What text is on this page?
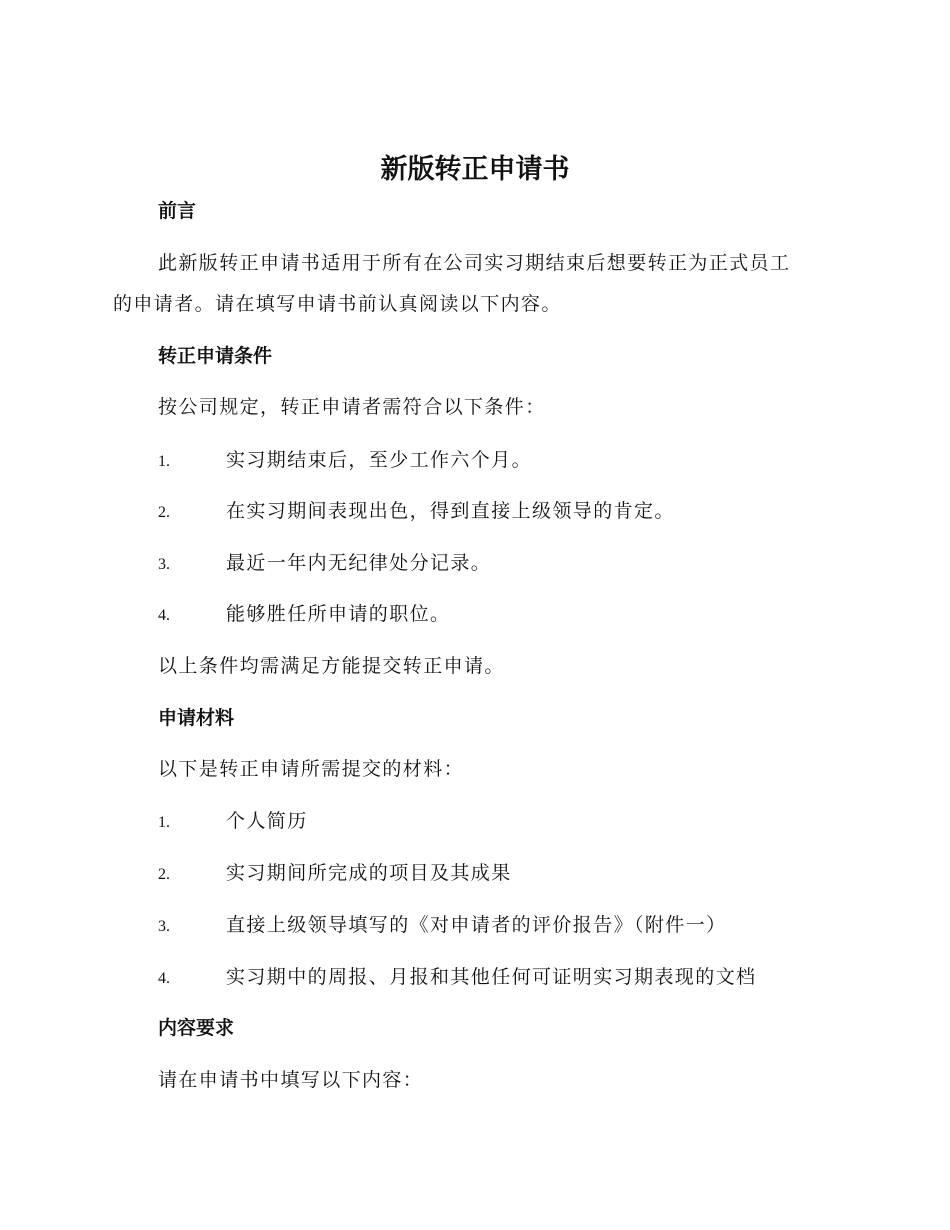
新版转正申请书
前言

此新版转正申请书适用于所有在公司实习期结束后想要转正为正式员工

的申请者。请在填写申请书前认真阅读以下内容。

转正申请条件

按公司规定，转正申请者需符合以下条件：

1.	实习期结束后，至少工作六个月。
2.	在实习期间表现出色，得到直接上级领导的肯定。
3.	最近一年内无纪律处分记录。
4.	能够胜任所申请的职位。

以上条件均需满足方能提交转正申请。

申请材料

以下是转正申请所需提交的材料：

1.	个人简历
2.	实习期间所完成的项目及其成果
3.	直接上级领导填写的《对申请者的评价报告》（附件一）
4.	实习期中的周报、月报和其他任何可证明实习期表现的文档
内容要求

请在申请书中填写以下内容：
